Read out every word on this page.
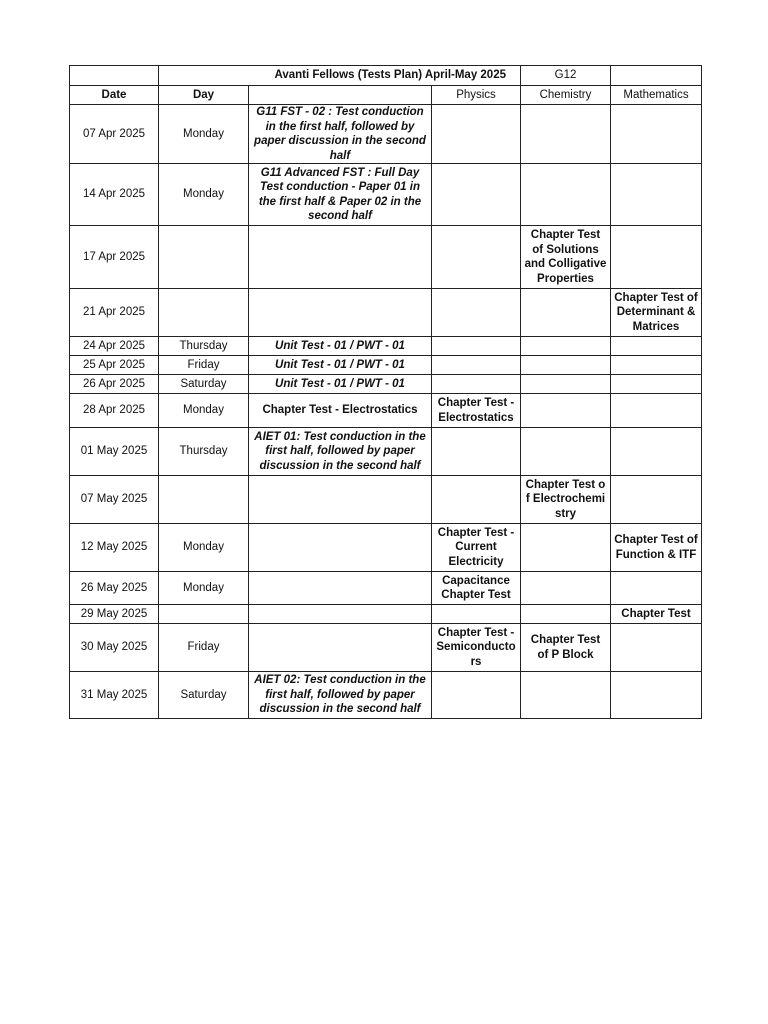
	Avanti Fellows (Tests Plan) April-May 2025			G12	
Date	Day		Physics	Chemistry	Mathematics
07 Apr 2025	Monday	G11 FST - 02 : Test conduction in the first half, followed by paper discussion in the second half			
14 Apr 2025	Monday	G11 Advanced FST : Full Day Test conduction - Paper 01 in the first half & Paper 02 in the second half			
17 Apr 2025				Chapter Test of Solutions and Colligative Properties	
21 Apr 2025					Chapter Test of Determinant & Matrices
24 Apr 2025	Thursday	Unit Test - 01 / PWT - 01			
25 Apr 2025	Friday	Unit Test - 01 / PWT - 01			
26 Apr 2025	Saturday	Unit Test - 01 / PWT - 01			
28 Apr 2025	Monday	Chapter Test - Electrostatics	Chapter Test - Electrostatics		
01 May 2025	Thursday	AIET 01: Test conduction in the first half, followed by paper discussion in the second half			
07 May 2025				Chapter Test of Electrochemistry	
12 May 2025	Monday		Chapter Test - Current Electricity		Chapter Test of Function & ITF
26 May 2025	Monday		Capacitance Chapter Test		
29 May 2025					Chapter Test
30 May 2025	Friday		Chapter Test - Semiconductors	Chapter Test of P Block	
31 May 2025	Saturday	AIET 02: Test conduction in the first half, followed by paper discussion in the second half			
